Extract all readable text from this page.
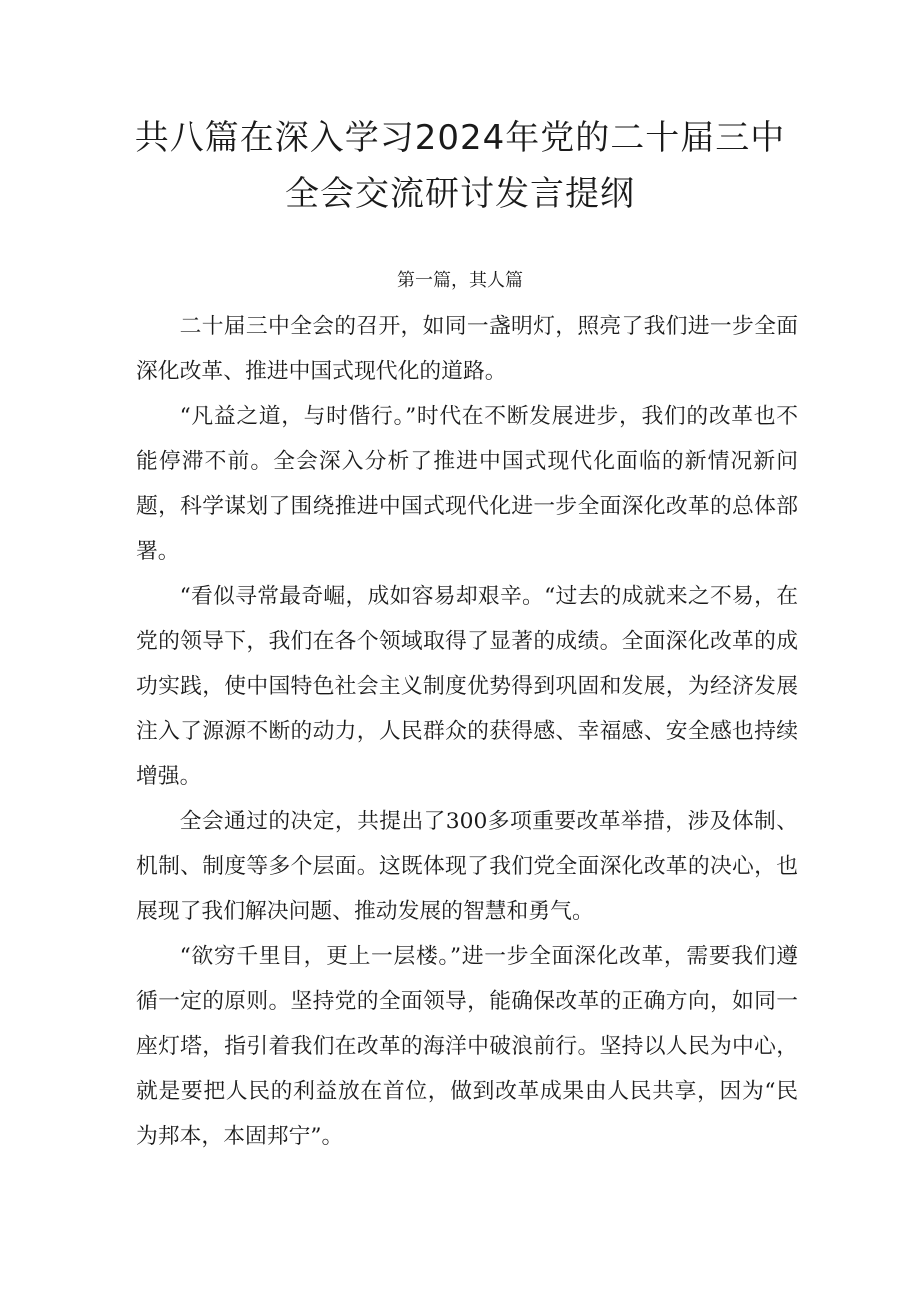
共八篇在深入学习2024年党的二十届三中
全会交流研讨发言提纲
第一篇，其人篇

二十届三中全会的召开，如同一盏明灯，照亮了我们进一步全面深化改革、推进中国式现代化的道路。

“凡益之道，与时偕行。”时代在不断发展进步，我们的改革也不能停滞不前。全会深入分析了推进中国式现代化面临的新情况新问题，科学谋划了围绕推进中国式现代化进一步全面深化改革的总体部署。

“看似寻常最奇崛，成如容易却艰辛。“过去的成就来之不易，在党的领导下，我们在各个领域取得了显著的成绩。全面深化改革的成功实践，使中国特色社会主义制度优势得到巩固和发展，为经济发展注入了源源不断的动力，人民群众的获得感、幸福感、安全感也持续增强。

全会通过的决定，共提出了300多项重要改革举措，涉及体制、机制、制度等多个层面。这既体现了我们党全面深化改革的决心，也展现了我们解决问题、推动发展的智慧和勇气。

“欲穷千里目，更上一层楼。”进一步全面深化改革，需要我们遵循一定的原则。坚持党的全面领导，能确保改革的正确方向，如同一座灯塔，指引着我们在改革的海洋中破浪前行。坚持以人民为中心，就是要把人民的利益放在首位，做到改革成果由人民共享，因为“民为邦本，本固邦宁”。
